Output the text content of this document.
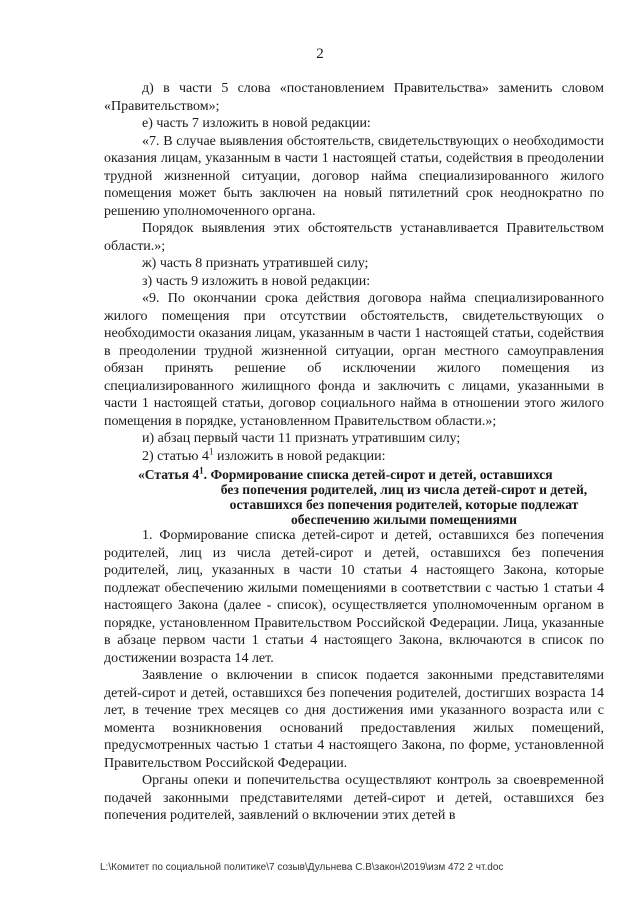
2

д) в части 5 слова «постановлением Правительства» заменить словом «Правительством»;

е) часть 7 изложить в новой редакции:

«7. В случае выявления обстоятельств, свидетельствующих о необходимости оказания лицам, указанным в части 1 настоящей статьи, содействия в преодолении трудной жизненной ситуации, договор найма специализированного жилого помещения может быть заключен на новый пятилетний срок неоднократно по решению уполномоченного органа.

Порядок выявления этих обстоятельств устанавливается Правительством области.»;

ж) часть 8 признать утратившей силу;

з) часть 9 изложить в новой редакции:

«9. По окончании срока действия договора найма специализированного жилого помещения при отсутствии обстоятельств, свидетельствующих о необходимости оказания лицам, указанным в части 1 настоящей статьи, содействия в преодолении трудной жизненной ситуации, орган местного самоуправления обязан принять решение об исключении жилого помещения из специализированного жилищного фонда и заключить с лицами, указанными в части 1 настоящей статьи, договор социального найма в отношении этого жилого помещения в порядке, установленном Правительством области.»;

и) абзац первый части 11 признать утратившим силу;

2) статью $4^1$ изложить в новой редакции:

«Статья $4^1$. Формирование списка детей-сирот и детей, оставшихся
без попечения родителей, лиц из числа детей-сирот и детей, оставшихся без попечения родителей, которые подлежат обеспечению жилыми помещениями

1. Формирование списка детей-сирот и детей, оставшихся без попечения родителей, лиц из числа детей-сирот и детей, оставшихся без попечения родителей, лиц, указанных в части 10 статьи 4 настоящего Закона, которые подлежат обеспечению жилыми помещениями в соответствии с частью 1 статьи 4 настоящего Закона (далее - список), осуществляется уполномоченным органом в порядке, установленном Правительством Российской Федерации. Лица, указанные в абзаце первом части 1 статьи 4 настоящего Закона, включаются в список по достижении возраста 14 лет.

Заявление о включении в список подается законными представителями детей-сирот и детей, оставшихся без попечения родителей, достигших возраста 14 лет, в течение трех месяцев со дня достижения ими указанного возраста или с момента возникновения оснований предоставления жилых помещений, предусмотренных частью 1 статьи 4 настоящего Закона, по форме, установленной Правительством Российской Федерации.

Органы опеки и попечительства осуществляют контроль за своевременной подачей законными представителями детей-сирот и детей, оставшихся без попечения родителей, заявлений о включении этих детей в

L:\Комитет по социальной политике\7 созыв\Дульнева С.В\закон\2019\изм 472 2 чт.doc
